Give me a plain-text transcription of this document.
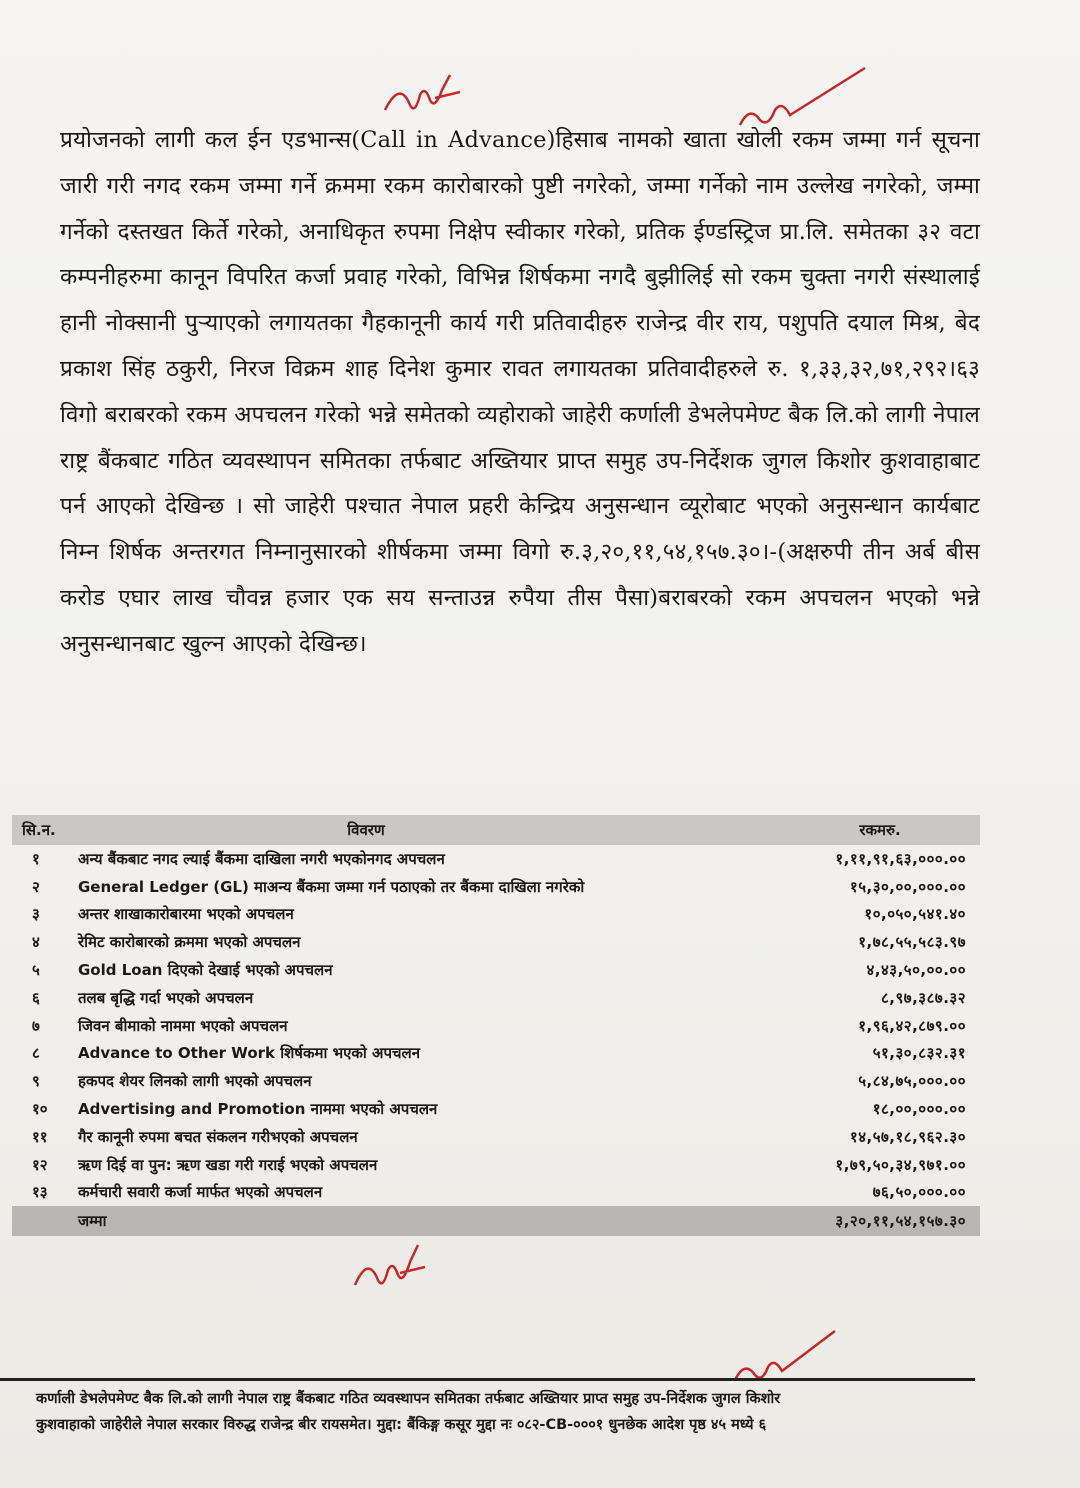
प्रयोजनको लागी कल ईन एडभान्स(Call in Advance)हिसाब नामको खाता खोली रकम जम्मा गर्न सूचना जारी गरी नगद रकम जम्मा गर्ने क्रममा रकम कारोबारको पुष्टी नगरेको, जम्मा गर्नेको नाम उल्लेख नगरेको, जम्मा गर्नेको दस्तखत किर्ते गरेको, अनाधिकृत रुपमा निक्षेप स्वीकार गरेको, प्रतिक ईण्डस्ट्रिज प्रा.लि. समेतका ३२ वटा कम्पनीहरुमा कानून विपरित कर्जा प्रवाह गरेको, विभिन्न शिर्षकमा नगदै बुझीलिई सो रकम चुक्ता नगरी संस्थालाई हानी नोक्सानी पुऱ्याएको लगायतका गैहकानूनी कार्य गरी प्रतिवादीहरु राजेन्द्र वीर राय, पशुपति दयाल मिश्र, बेद प्रकाश सिंह ठकुरी, निरज विक्रम शाह दिनेश कुमार रावत लगायतका प्रतिवादीहरुले रु. १,३३,३२,७१,२९२।६३ विगो बराबरको रकम अपचलन गरेको भन्ने समेतको व्यहोराको जाहेरी कर्णाली डेभलेपमेण्ट बैक लि.को लागी नेपाल राष्ट्र बैंकबाट गठित व्यवस्थापन समितका तर्फबाट अख्तियार प्राप्त समुह उप-निर्देशक जुगल किशोर कुशवाहाबाट पर्न आएको देखिन्छ । सो जाहेरी पश्चात नेपाल प्रहरी केन्द्रिय अनुसन्धान व्यूरोबाट भएको अनुसन्धान कार्यबाट निम्न शिर्षक अन्तरगत निम्नानुसारको शीर्षकमा जम्मा विगो रु.३,२०,११,५४,१५७.३०।-(अक्षरुपी तीन अर्ब बीस करोड एघार लाख चौवन्न हजार एक सय सन्ताउन्न रुपैया तीस पैसा)बराबरको रकम अपचलन भएको भन्ने अनुसन्धानबाट खुल्न आएको देखिन्छ।
सि.न.	विवरण	रकमरु.
१	अन्य बैंकबाट नगद ल्याई बैंकमा दाखिला नगरी भएकोनगद अपचलन	१,११,९१,६३,०००.००
२	General Ledger (GL) माअन्य बैंकमा जम्मा गर्न पठाएको तर बैंकमा दाखिला नगरेको	१५,३०,००,०००.००
३	अन्तर शाखाकारोबारमा भएको अपचलन	१०,०५०,५४१.४०
४	रेमिट कारोबारको क्रममा भएको अपचलन	१,७८,५५,५८३.९७
५	Gold Loan दिएको देखाई भएको अपचलन	४,४३,५०,००.००
६	तलब बृद्धि गर्दा भएको अपचलन	८,९७,३८७.३२
७	जिवन बीमाको नाममा भएको अपचलन	१,९६,४२,८७९.००
८	Advance to Other Work शिर्षकमा भएको अपचलन	५१,३०,८३२.३१
९	हकपद शेयर लिनको लागी भएको अपचलन	५,८४,७५,०००.००
१०	Advertising and Promotion नाममा भएको अपचलन	१८,००,०००.००
११	गैर कानूनी रुपमा बचत संकलन गरीभएको अपचलन	१४,५७,१८,९६२.३०
१२	ऋण दिई वा पुन: ऋण खडा गरी गराई भएको अपचलन	१,७९,५०,३४,९७१.००
१३	कर्मचारी सवारी कर्जा मार्फत भएको अपचलन	७६,५०,०००.००
जम्मा	३,२०,११,५४,१५७.३०
कर्णाली डेभलेपमेण्ट बैक लि.को लागी नेपाल राष्ट्र बैंकबाट गठित व्यवस्थापन समितका तर्फबाट अख्तियार प्राप्त समुह उप-निर्देशक जुगल किशोर
कुशवाहाको जाहेरीले नेपाल सरकार विरुद्ध राजेन्द्र बीर रायसमेत। मुद्दा: बैंकिङ्ग कसूर मुद्दा नः ०८२-CB-०००१ धुनछेक आदेश पृष्ठ ४५ मध्ये ६
